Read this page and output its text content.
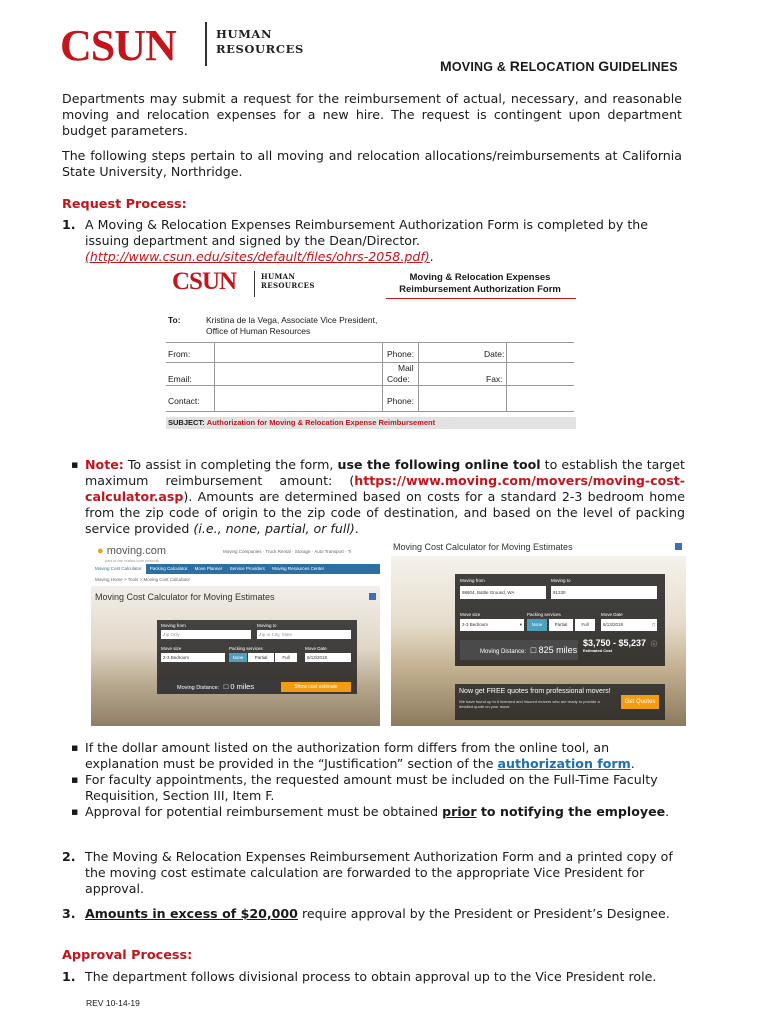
CSUN	HUMAN
RESOURCES
MOVING & RELOCATION GUIDELINES

Departments may submit a request for the reimbursement of actual, necessary, and reasonable moving and relocation expenses for a new hire. The request is contingent upon department budget parameters.

The following steps pertain to all moving and relocation allocations/reimbursements at California State University, Northridge.

Request Process:
1. A Moving & Relocation Expenses Reimbursement Authorization Form is completed by the issuing department and signed by the Dean/Director.
(http://www.csun.edu/sites/default/files/ohrs-2058.pdf).
CSUN	HUMAN
RESOURCES
Moving & Relocation Expenses
Reimbursement Authorization Form
To:	Kristina de la Vega, Associate Vice President,
Office of Human Resources
From:	Phone:	Date:
Mail
Email:	Code:	Fax:
Contact:	Phone:
SUBJECT: Authorization for Moving & Relocation Expense Reimbursement
▪ Note: To assist in completing the form, use the following online tool to establish the target maximum reimbursement amount: (https://www.moving.com/movers/moving-cost-calculator.asp). Amounts are determined based on costs for a standard 2-3 bedroom home from the zip code of origin to the zip code of destination, and based on the level of packing service provided (i.e., none, partial, or full).
● moving.com
part of the realtor.com network
Moving Companies · Truck Rental · Storage · Auto Transport · Ti
Moving Cost Calculator Packing Calculator Move Planner Service Providers Moving Resources Center
Moving Home > Tools > Moving Cost Calculator
Moving Cost Calculator for Moving Estimates
Moving from	Moving to
Zip Only	Zip or City, State
Move size	Packing services	Move Date
2-3 Bedroom	None	Partial	Full	6/13/2018
Moving Distance: □ 0 miles	Show cost estimate
Moving Cost Calculator for Moving Estimates
Moving from	Moving to
98604, Battle Ground, WA	91330
Move size	Packing services	Move Date
2-3 Bedroom	▾	None	Partial	Full	6/13/2018	□
Moving Distance: □ 825 miles
$3,750 - $5,237
Estimated Cost
ⓘ
Now get FREE quotes from professional movers!
We have found up to 6 licensed and insured movers who are ready to provide a detailed quote on your move.
Get Quotes
▪ If the dollar amount listed on the authorization form differs from the online tool, an explanation must be provided in the “Justification” section of the authorization form.
▪ For faculty appointments, the requested amount must be included on the Full-Time Faculty Requisition, Section III, Item F.
▪ Approval for potential reimbursement must be obtained prior to notifying the employee.
2. The Moving & Relocation Expenses Reimbursement Authorization Form and a printed copy of the moving cost estimate calculation are forwarded to the appropriate Vice President for approval.
3. Amounts in excess of $20,000 require approval by the President or President’s Designee.
Approval Process:
1. The department follows divisional process to obtain approval up to the Vice President role.
REV 10-14-19
